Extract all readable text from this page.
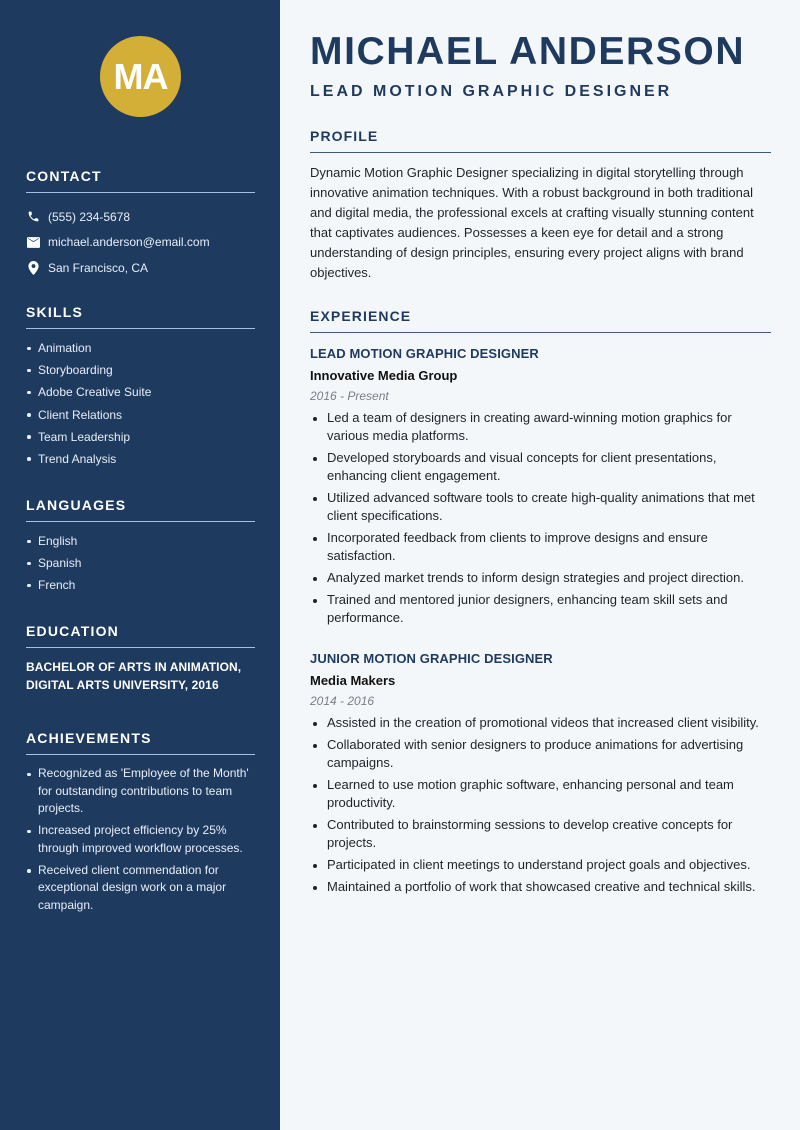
MA
CONTACT
(555) 234-5678
michael.anderson@email.com
San Francisco, CA
SKILLS
Animation
Storyboarding
Adobe Creative Suite
Client Relations
Team Leadership
Trend Analysis
LANGUAGES
English
Spanish
French
EDUCATION
BACHELOR OF ARTS IN ANIMATION,
DIGITAL ARTS UNIVERSITY, 2016
ACHIEVEMENTS
Recognized as 'Employee of the Month' for outstanding contributions to team projects.
Increased project efficiency by 25% through improved workflow processes.
Received client commendation for exceptional design work on a major campaign.
MICHAEL ANDERSON
LEAD MOTION GRAPHIC DESIGNER
PROFILE

Dynamic Motion Graphic Designer specializing in digital storytelling through innovative animation techniques. With a robust background in both traditional and digital media, the professional excels at crafting visually stunning content that captivates audiences. Possesses a keen eye for detail and a strong understanding of design principles, ensuring every project aligns with brand objectives.

EXPERIENCE
LEAD MOTION GRAPHIC DESIGNER
Innovative Media Group
2016 - Present
Led a team of designers in creating award-winning motion graphics for various media platforms.
Developed storyboards and visual concepts for client presentations, enhancing client engagement.
Utilized advanced software tools to create high-quality animations that met client specifications.
Incorporated feedback from clients to improve designs and ensure satisfaction.
Analyzed market trends to inform design strategies and project direction.
Trained and mentored junior designers, enhancing team skill sets and performance.
JUNIOR MOTION GRAPHIC DESIGNER
Media Makers
2014 - 2016
Assisted in the creation of promotional videos that increased client visibility.
Collaborated with senior designers to produce animations for advertising campaigns.
Learned to use motion graphic software, enhancing personal and team productivity.
Contributed to brainstorming sessions to develop creative concepts for projects.
Participated in client meetings to understand project goals and objectives.
Maintained a portfolio of work that showcased creative and technical skills.
